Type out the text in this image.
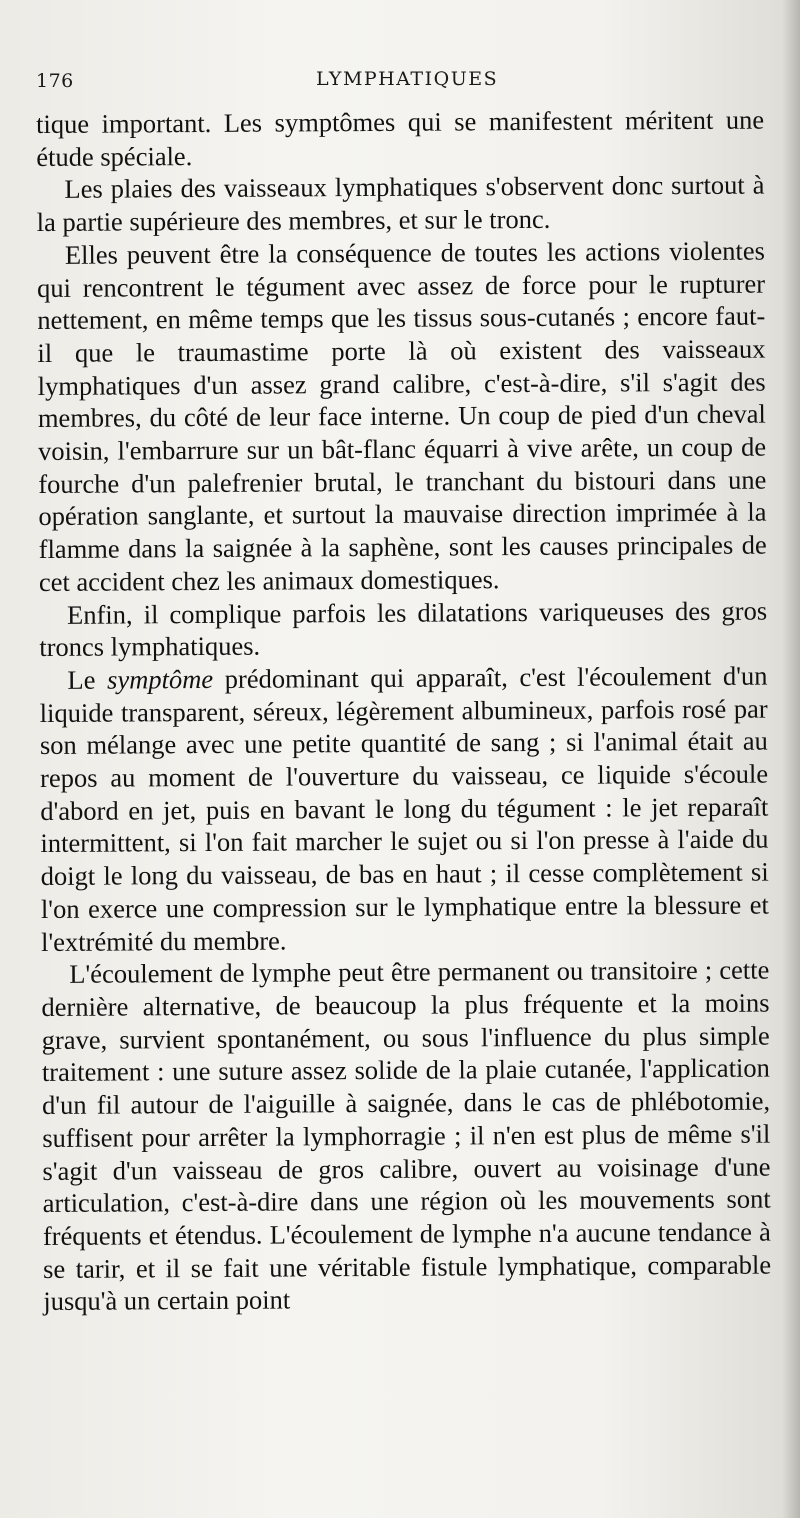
176	LYMPHATIQUES

tique important. Les symptômes qui se manifestent méritent une étude spéciale.

Les plaies des vaisseaux lymphatiques s'observent donc surtout à la partie supérieure des membres, et sur le tronc.

Elles peuvent être la conséquence de toutes les actions violentes qui rencontrent le tégument avec assez de force pour le rupturer nettement, en même temps que les tissus sous-cutanés ; encore faut-il que le traumastime porte là où existent des vaisseaux lymphatiques d'un assez grand calibre, c'est-à-dire, s'il s'agit des membres, du côté de leur face interne. Un coup de pied d'un cheval voisin, l'embarrure sur un bât-flanc équarri à vive arête, un coup de fourche d'un palefrenier brutal, le tranchant du bistouri dans une opération sanglante, et surtout la mauvaise direction imprimée à la flamme dans la saignée à la saphène, sont les causes principales de cet accident chez les animaux domestiques.

Enfin, il complique parfois les dilatations variqueuses des gros troncs lymphatiques.

Le symptôme prédominant qui apparaît, c'est l'écoulement d'un liquide transparent, séreux, légèrement albumineux, parfois rosé par son mélange avec une petite quantité de sang ; si l'animal était au repos au moment de l'ouverture du vaisseau, ce liquide s'écoule d'abord en jet, puis en bavant le long du tégument : le jet reparaît intermittent, si l'on fait marcher le sujet ou si l'on presse à l'aide du doigt le long du vaisseau, de bas en haut ; il cesse complètement si l'on exerce une compression sur le lymphatique entre la blessure et l'extrémité du membre.

L'écoulement de lymphe peut être permanent ou transitoire ; cette dernière alternative, de beaucoup la plus fréquente et la moins grave, survient spontanément, ou sous l'influence du plus simple traitement : une suture assez solide de la plaie cutanée, l'application d'un fil autour de l'aiguille à saignée, dans le cas de phlébotomie, suffisent pour arrêter la lymphorragie ; il n'en est plus de même s'il s'agit d'un vaisseau de gros calibre, ouvert au voisinage d'une articulation, c'est-à-dire dans une région où les mouvements sont fréquents et étendus. L'écoulement de lymphe n'a aucune tendance à se tarir, et il se fait une véritable fistule lymphatique, comparable jusqu'à un certain point
